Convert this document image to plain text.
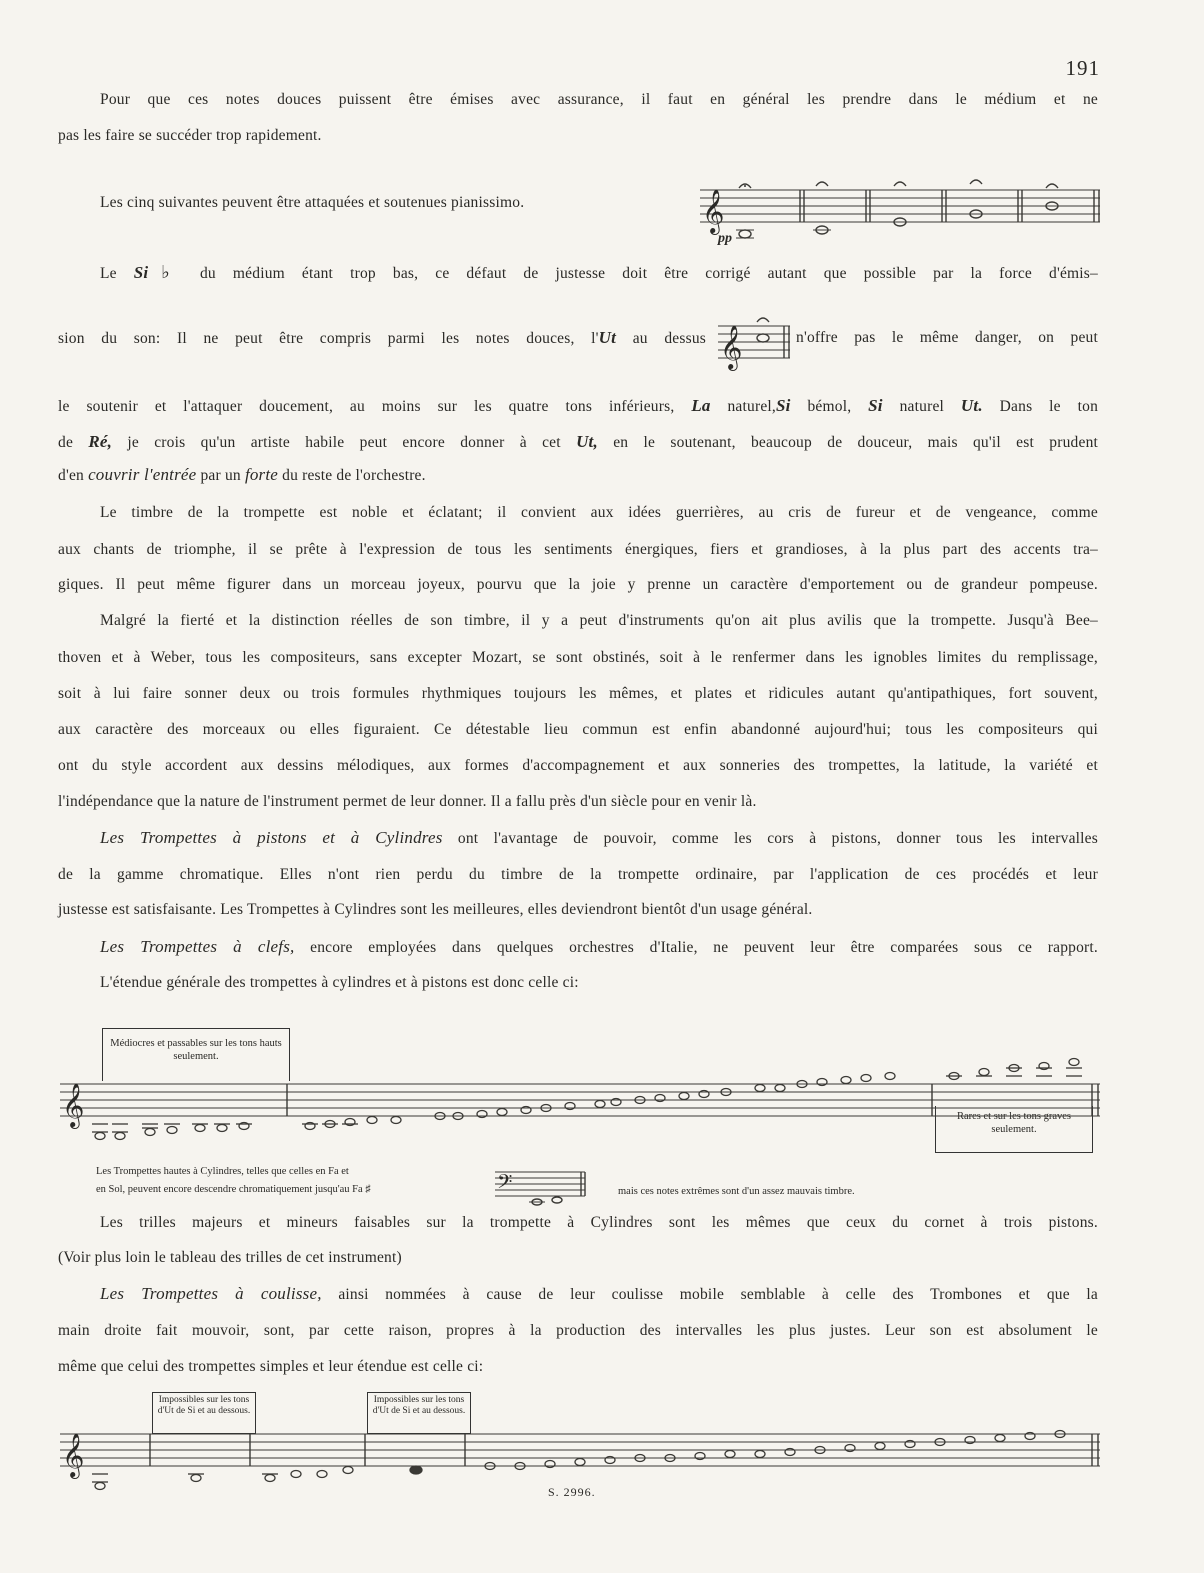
191
Pour que ces notes douces puissent être émises avec assurance, il faut en général les prendre dans le médium et ne
pas les faire se succéder trop rapidement.
Les cinq suivantes peuvent être attaquées et soutenues pianissimo.	𝄞
pp
Le Si♭ du médium étant trop bas, ce défaut de justesse doit être corrigé autant que possible par la force d'émis–
sion du son: Il ne peut être compris parmi les notes douces, l'Ut au dessus 𝄞	n'offre pas le même danger, on peut
le soutenir et l'attaquer doucement, au moins sur les quatre tons inférieurs, La naturel,Si bémol, Si naturel Ut. Dans le ton
de Ré, je crois qu'un artiste habile peut encore donner à cet Ut, en le soutenant, beaucoup de douceur, mais qu'il est prudent
d'en couvrir l'entrée par un forte du reste de l'orchestre.
Le timbre de la trompette est noble et éclatant; il convient aux idées guerrières, au cris de fureur et de vengeance, comme
aux chants de triomphe, il se prête à l'expression de tous les sentiments énergiques, fiers et grandioses, à la plus part des accents tra–
giques. Il peut même figurer dans un morceau joyeux, pourvu que la joie y prenne un caractère d'emportement ou de grandeur pompeuse.
Malgré la fierté et la distinction réelles de son timbre, il y a peut d'instruments qu'on ait plus avilis que la trompette. Jusqu'à Bee–
thoven et à Weber, tous les compositeurs, sans excepter Mozart, se sont obstinés, soit à le renfermer dans les ignobles limites du remplissage,
soit à lui faire sonner deux ou trois formules rhythmiques toujours les mêmes, et plates et ridicules autant qu'antipathiques, fort souvent,
aux caractère des morceaux ou elles figuraient. Ce détestable lieu commun est enfin abandonné aujourd'hui; tous les compositeurs qui
ont du style accordent aux dessins mélodiques, aux formes d'accompagnement et aux sonneries des trompettes, la latitude, la variété et
l'indépendance que la nature de l'instrument permet de leur donner. Il a fallu près d'un siècle pour en venir là.
Les Trompettes à pistons et à Cylindres ont l'avantage de pouvoir, comme les cors à pistons, donner tous les intervalles
de la gamme chromatique. Elles n'ont rien perdu du timbre de la trompette ordinaire, par l'application de ces procédés et leur
justesse est satisfaisante. Les Trompettes à Cylindres sont les meilleures, elles deviendront bientôt d'un usage général.
Les Trompettes à clefs, encore employées dans quelques orchestres d'Italie, ne peuvent leur être comparées sous ce rapport.
L'étendue générale des trompettes à cylindres et à pistons est donc celle ci:
Médiocres et passables sur les tons hauts seulement.
Rares et sur les tons graves seulement.
𝄞
Les Trompettes hautes à Cylindres, telles que celles en Fa et
en Sol, peuvent encore descendre chromatiquement jusqu'au Fa ♯	𝄢	mais ces notes extrêmes sont d'un assez mauvais timbre.
Les trilles majeurs et mineurs faisables sur la trompette à Cylindres sont les mêmes que ceux du cornet à trois pistons.
(Voir plus loin le tableau des trilles de cet instrument)
Les Trompettes à coulisse, ainsi nommées à cause de leur coulisse mobile semblable à celle des Trombones et que la
main droite fait mouvoir, sont, par cette raison, propres à la production des intervalles les plus justes. Leur son est absolument le
même que celui des trompettes simples et leur étendue est celle ci:
Impossibles sur les tons d'Ut de Si et au dessous.
Impossibles sur les tons d'Ut de Si et au dessous.
𝄞
S. 2996.
